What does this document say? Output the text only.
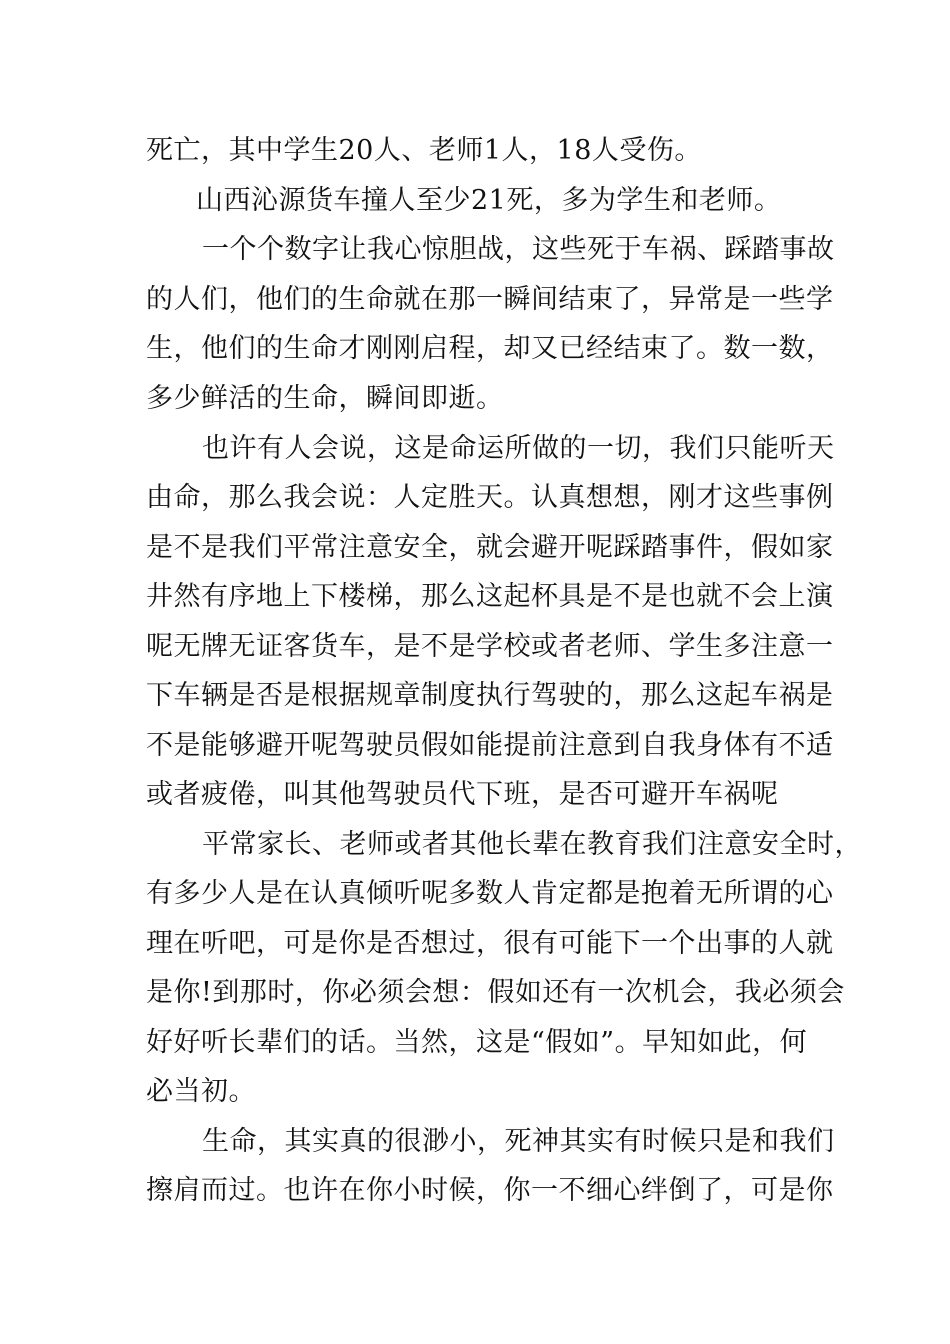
死亡，其中学生20人、老师1人，18人受伤。

山西沁源货车撞人至少21死，多为学生和老师。

一个个数字让我心惊胆战，这些死于车祸、踩踏事故

的人们，他们的生命就在那一瞬间结束了，异常是一些学

生，他们的生命才刚刚启程，却又已经结束了。数一数，

多少鲜活的生命，瞬间即逝。

也许有人会说，这是命运所做的一切，我们只能听天

由命，那么我会说：人定胜天。认真想想，刚才这些事例

是不是我们平常注意安全，就会避开呢踩踏事件，假如家

井然有序地上下楼梯，那么这起杯具是不是也就不会上演

呢无牌无证客货车，是不是学校或者老师、学生多注意一

下车辆是否是根据规章制度执行驾驶的，那么这起车祸是

不是能够避开呢驾驶员假如能提前注意到自我身体有不适

或者疲倦，叫其他驾驶员代下班，是否可避开车祸呢

平常家长、老师或者其他长辈在教育我们注意安全时，

有多少人是在认真倾听呢多数人肯定都是抱着无所谓的心

理在听吧，可是你是否想过，很有可能下一个出事的人就

是你!到那时，你必须会想：假如还有一次机会，我必须会

好好听长辈们的话。当然，这是“假如”。早知如此，何

必当初。

生命，其实真的很渺小，死神其实有时候只是和我们

擦肩而过。也许在你小时候，你一不细心绊倒了，可是你
